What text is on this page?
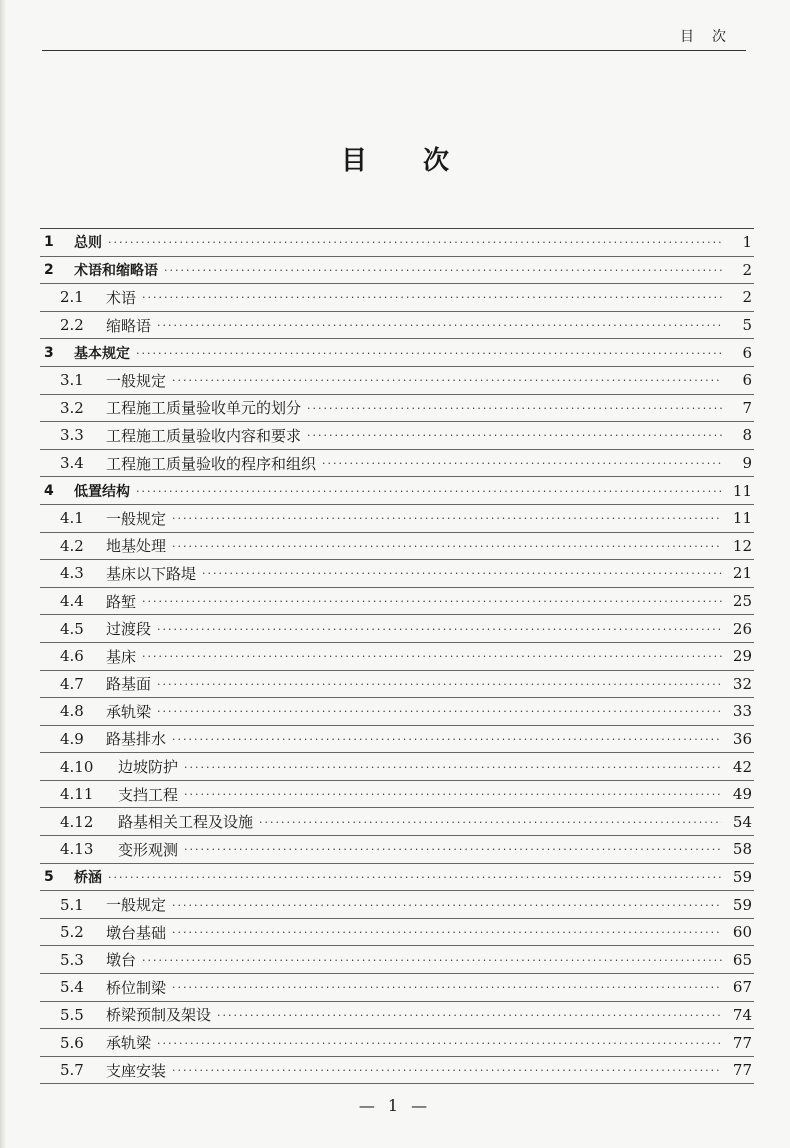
目次
目次
1	总则 ·····	1
2	术语和缩略语 ·····	2
2.1	术语 ·····	2
2.2	缩略语 ·····	5
3	基本规定 ·····	6
3.1	一般规定 ·····	6
3.2	工程施工质量验收单元的划分 ·····	7
3.3	工程施工质量验收内容和要求 ·····	8
3.4	工程施工质量验收的程序和组织 ·····	9
4	低置结构 ·····	11
4.1	一般规定 ·····	11
4.2	地基处理 ·····	12
4.3	基床以下路堤 ·····	21
4.4	路堑 ·····	25
4.5	过渡段 ·····	26
4.6	基床 ·····	29
4.7	路基面 ·····	32
4.8	承轨梁 ·····	33
4.9	路基排水 ·····	36
4.10	边坡防护 ·····	42
4.11	支挡工程 ·····	49
4.12	路基相关工程及设施 ·····	54
4.13	变形观测 ·····	58
5	桥涵 ·····	59
5.1	一般规定 ·····	59
5.2	墩台基础 ·····	60
5.3	墩台 ·····	65
5.4	桥位制梁 ·····	67
5.5	桥梁预制及架设 ·····	74
5.6	承轨梁 ·····	77
5.7	支座安装 ·····	77
— 1 —
